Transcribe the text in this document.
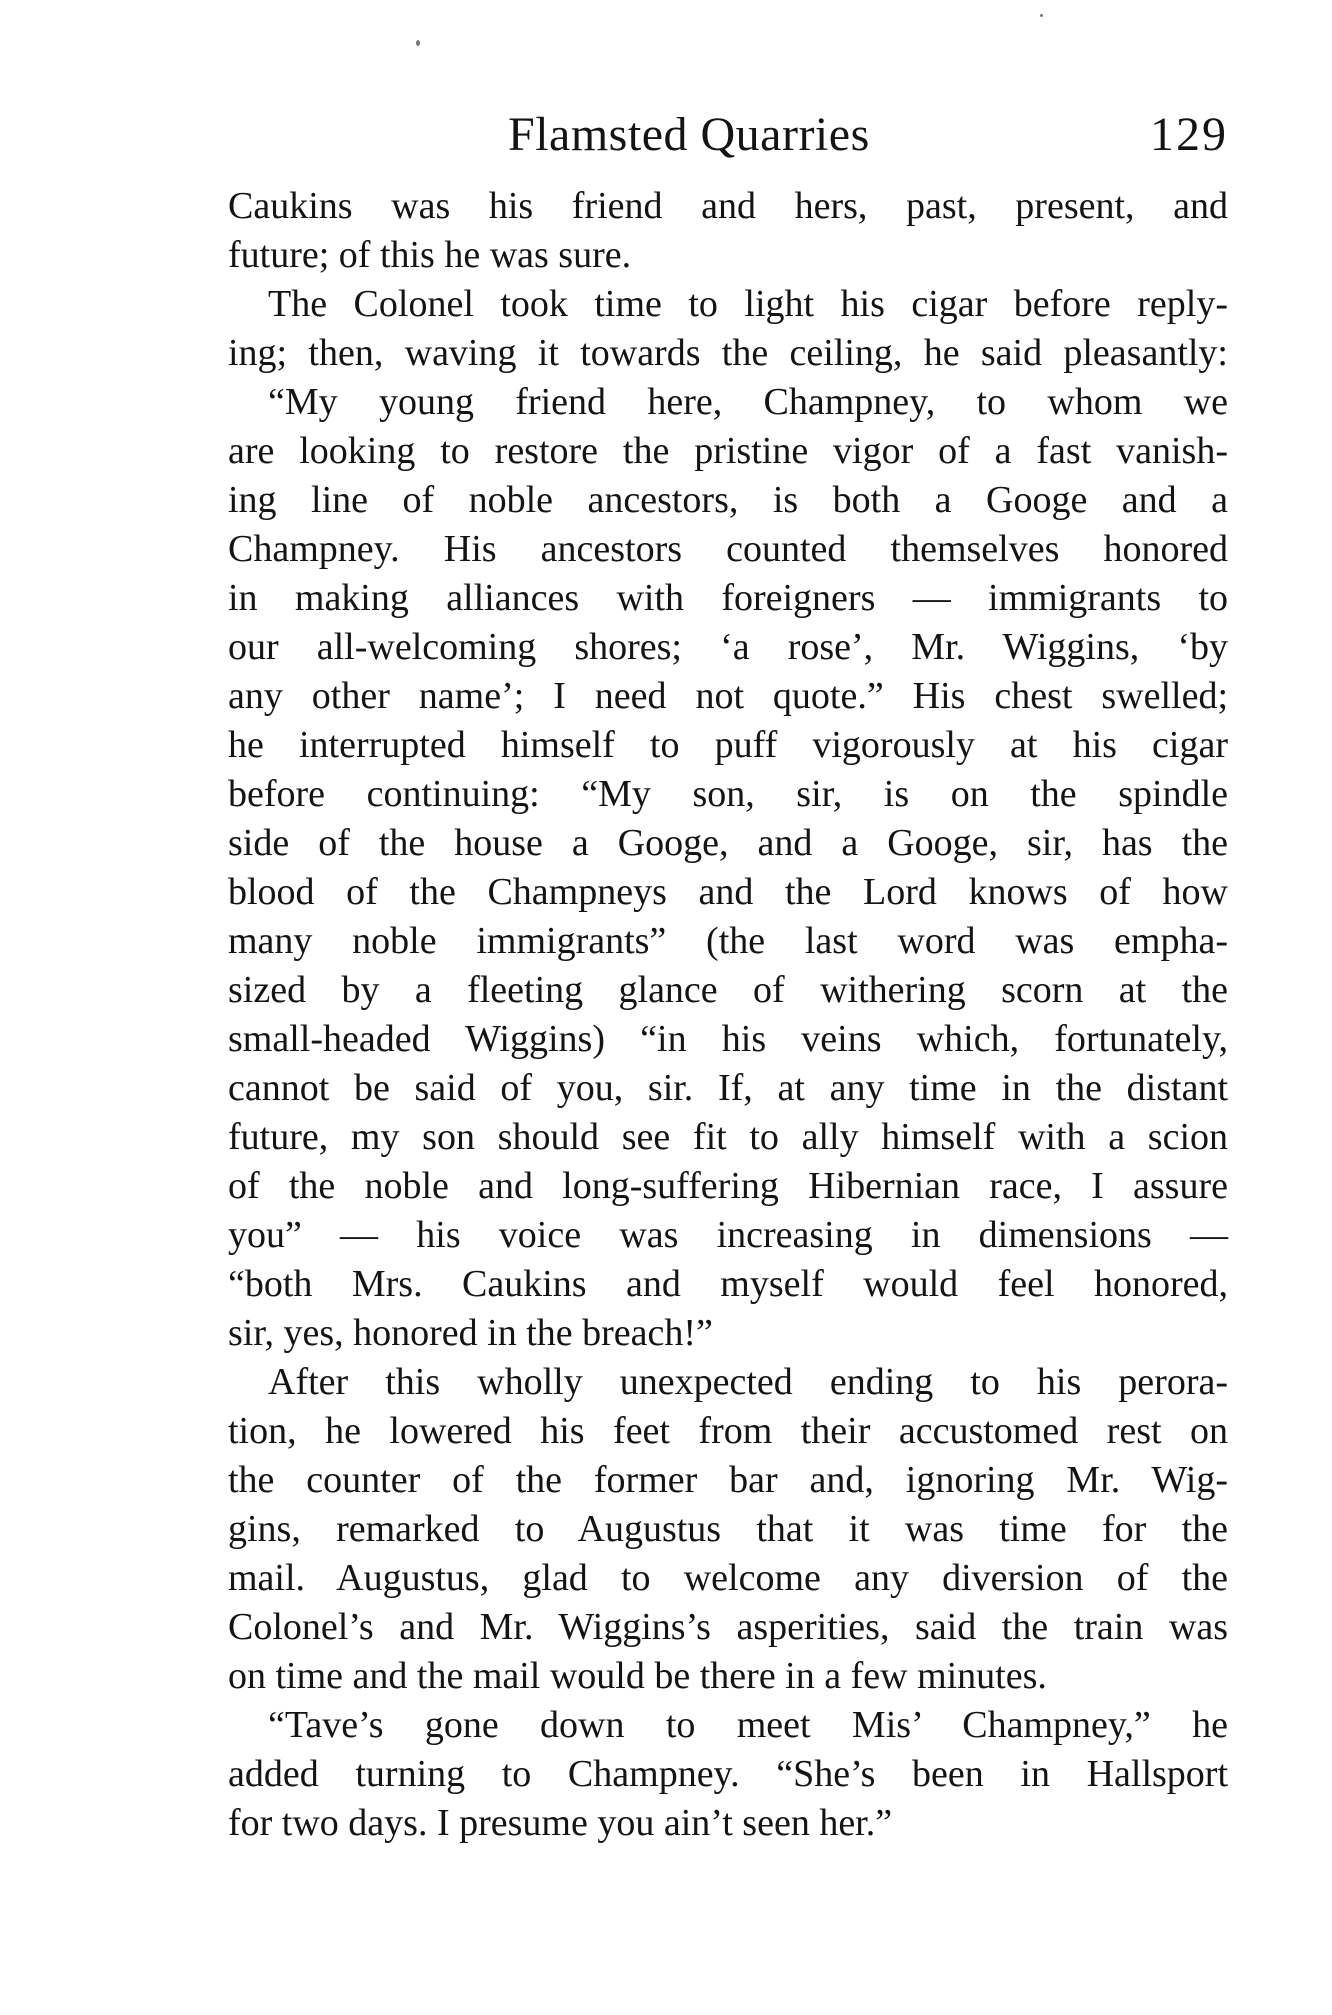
Flamsted Quarries	129
Caukins was his friend and hers, past, present, and
future; of this he was sure.
The Colonel took time to light his cigar before reply-
ing; then, waving it towards the ceiling, he said pleasantly:
“My young friend here, Champney, to whom we
are looking to restore the pristine vigor of a fast vanish-
ing line of noble ancestors, is both a Googe and a
Champney. His ancestors counted themselves honored
in making alliances with foreigners — immigrants to
our all-welcoming shores; ‘a rose’, Mr. Wiggins, ‘by
any other name’; I need not quote.” His chest swelled;
he interrupted himself to puff vigorously at his cigar
before continuing: “My son, sir, is on the spindle
side of the house a Googe, and a Googe, sir, has the
blood of the Champneys and the Lord knows of how
many noble immigrants” (the last word was empha-
sized by a fleeting glance of withering scorn at the
small-headed Wiggins) “in his veins which, fortunately,
cannot be said of you, sir. If, at any time in the distant
future, my son should see fit to ally himself with a scion
of the noble and long-suffering Hibernian race, I assure
you” — his voice was increasing in dimensions —
“both Mrs. Caukins and myself would feel honored,
sir, yes, honored in the breach!”
After this wholly unexpected ending to his perora-
tion, he lowered his feet from their accustomed rest on
the counter of the former bar and, ignoring Mr. Wig-
gins, remarked to Augustus that it was time for the
mail. Augustus, glad to welcome any diversion of the
Colonel’s and Mr. Wiggins’s asperities, said the train was
on time and the mail would be there in a few minutes.
“Tave’s gone down to meet Mis’ Champney,” he
added turning to Champney. “She’s been in Hallsport
for two days. I presume you ain’t seen her.”
